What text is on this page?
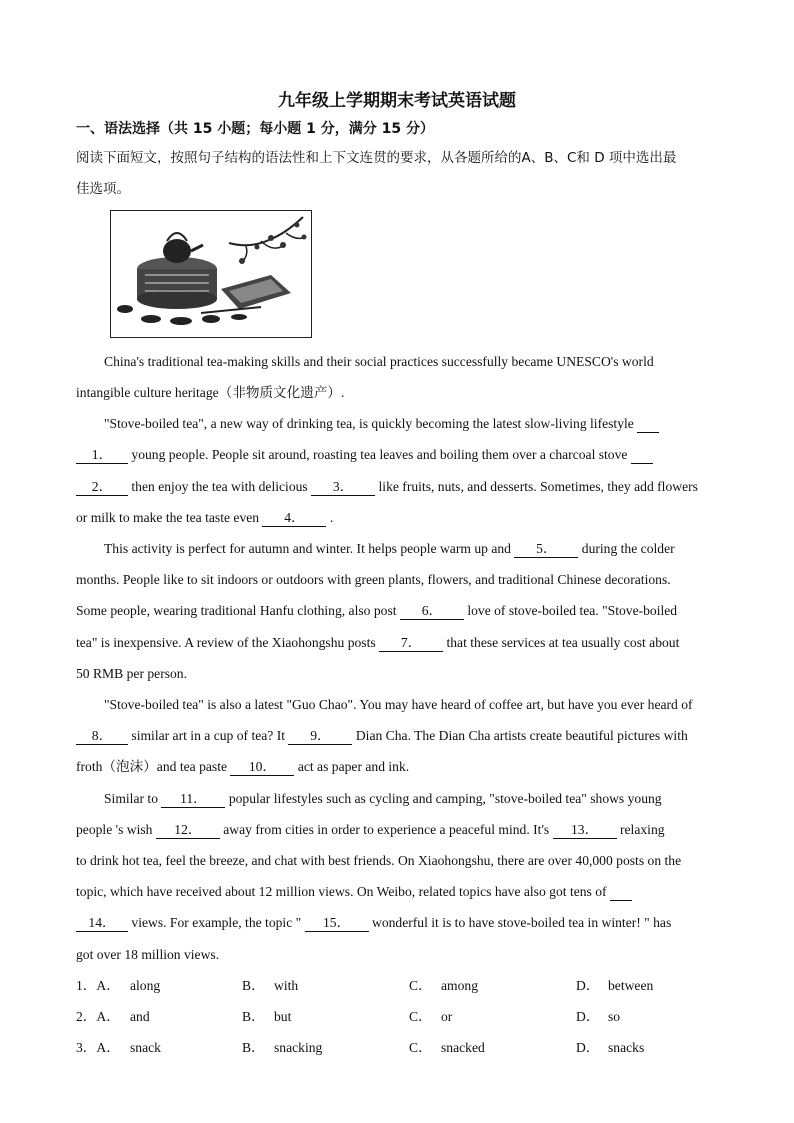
九年级上学期期末考试英语试题
一、语法选择（共 15 小题；每小题 1 分，满分 15 分）
阅读下面短文，按照句子结构的语法性和上下文连贯的要求，从各题所给的A、B、C和 D 项中选出最
佳选项。
China's traditional tea-making skills and their social practices successfully became UNESCO's world
intangible culture heritage（非物质文化遗产）.
"Stove-boiled tea", a new way of drinking tea, is quickly becoming the latest slow-living lifestyle
1． young people. People sit around, roasting tea leaves and boiling them over a charcoal stove
2． then enjoy the tea with delicious 3． like fruits, nuts, and desserts. Sometimes, they add flowers
or milk to make the tea taste even 4． .
This activity is perfect for autumn and winter. It helps people warm up and 5． during the colder
months. People like to sit indoors or outdoors with green plants, flowers, and traditional Chinese decorations.
Some people, wearing traditional Hanfu clothing, also post 6． love of stove-boiled tea. "Stove-boiled
tea" is inexpensive. A review of the Xiaohongshu posts 7． that these services at tea usually cost about
50 RMB per person.
"Stove-boiled tea" is also a latest "Guo Chao". You may have heard of coffee art, but have you ever heard of
8． similar art in a cup of tea? It 9． Dian Cha. The Dian Cha artists create beautiful pictures with
froth（泡沫）and tea paste 10． act as paper and ink.
Similar to 11． popular lifestyles such as cycling and camping, "stove-boiled tea" shows young
people 's wish 12． away from cities in order to experience a peaceful mind. It's 13． relaxing
to drink hot tea, feel the breeze, and chat with best friends. On Xiaohongshu, there are over 40,000 posts on the
topic, which have received about 12 million views. On Weibo, related topics have also got tens of
14． views. For example, the topic " 15． wonderful it is to have stove-boiled tea in winter! " has
got over 18 million views.
1．A． along	B． with	C． among	D． between
2．A． and	B． but	C． or	D． so
3．A． snack	B． snacking	C． snacked	D． snacks
